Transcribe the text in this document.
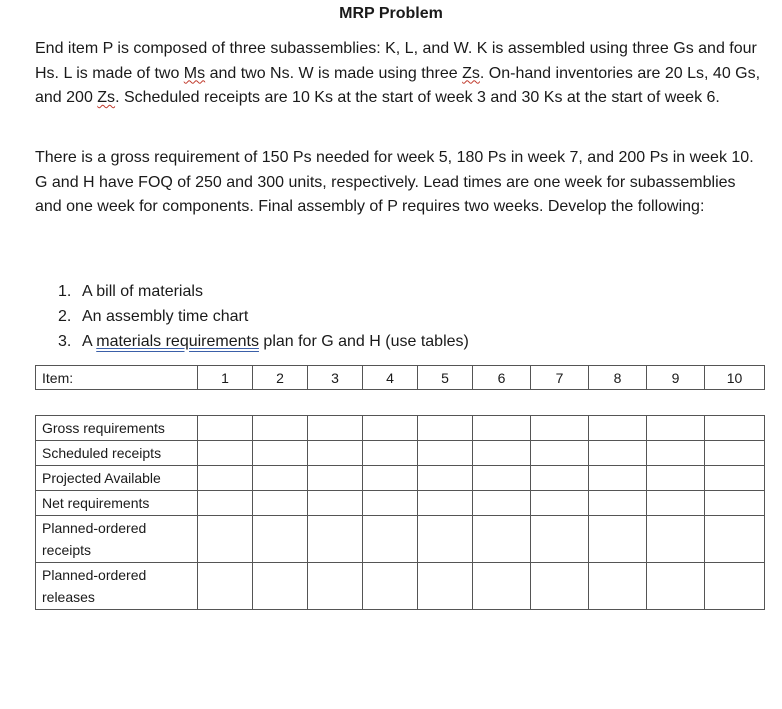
MRP Problem
End item P is composed of three subassemblies: K, L, and W. K is assembled using three Gs and four Hs. L is made of two Ms and two Ns. W is made using three Zs. On-hand inventories are 20 Ls, 40 Gs, and 200 Zs. Scheduled receipts are 10 Ks at the start of week 3 and 30 Ks at the start of week 6.
There is a gross requirement of 150 Ps needed for week 5, 180 Ps in week 7, and 200 Ps in week 10. G and H have FOQ of 250 and 300 units, respectively. Lead times are one week for subassemblies and one week for components. Final assembly of P requires two weeks. Develop the following:
1. A bill of materials
2. An assembly time chart
3. A materials requirements plan for G and H (use tables)
Item:	1	2	3	4	5	6	7	8	9	10
Gross requirements										
Scheduled receipts										
Projected Available										
Net requirements										
Planned-ordered receipts										
Planned-ordered releases										
